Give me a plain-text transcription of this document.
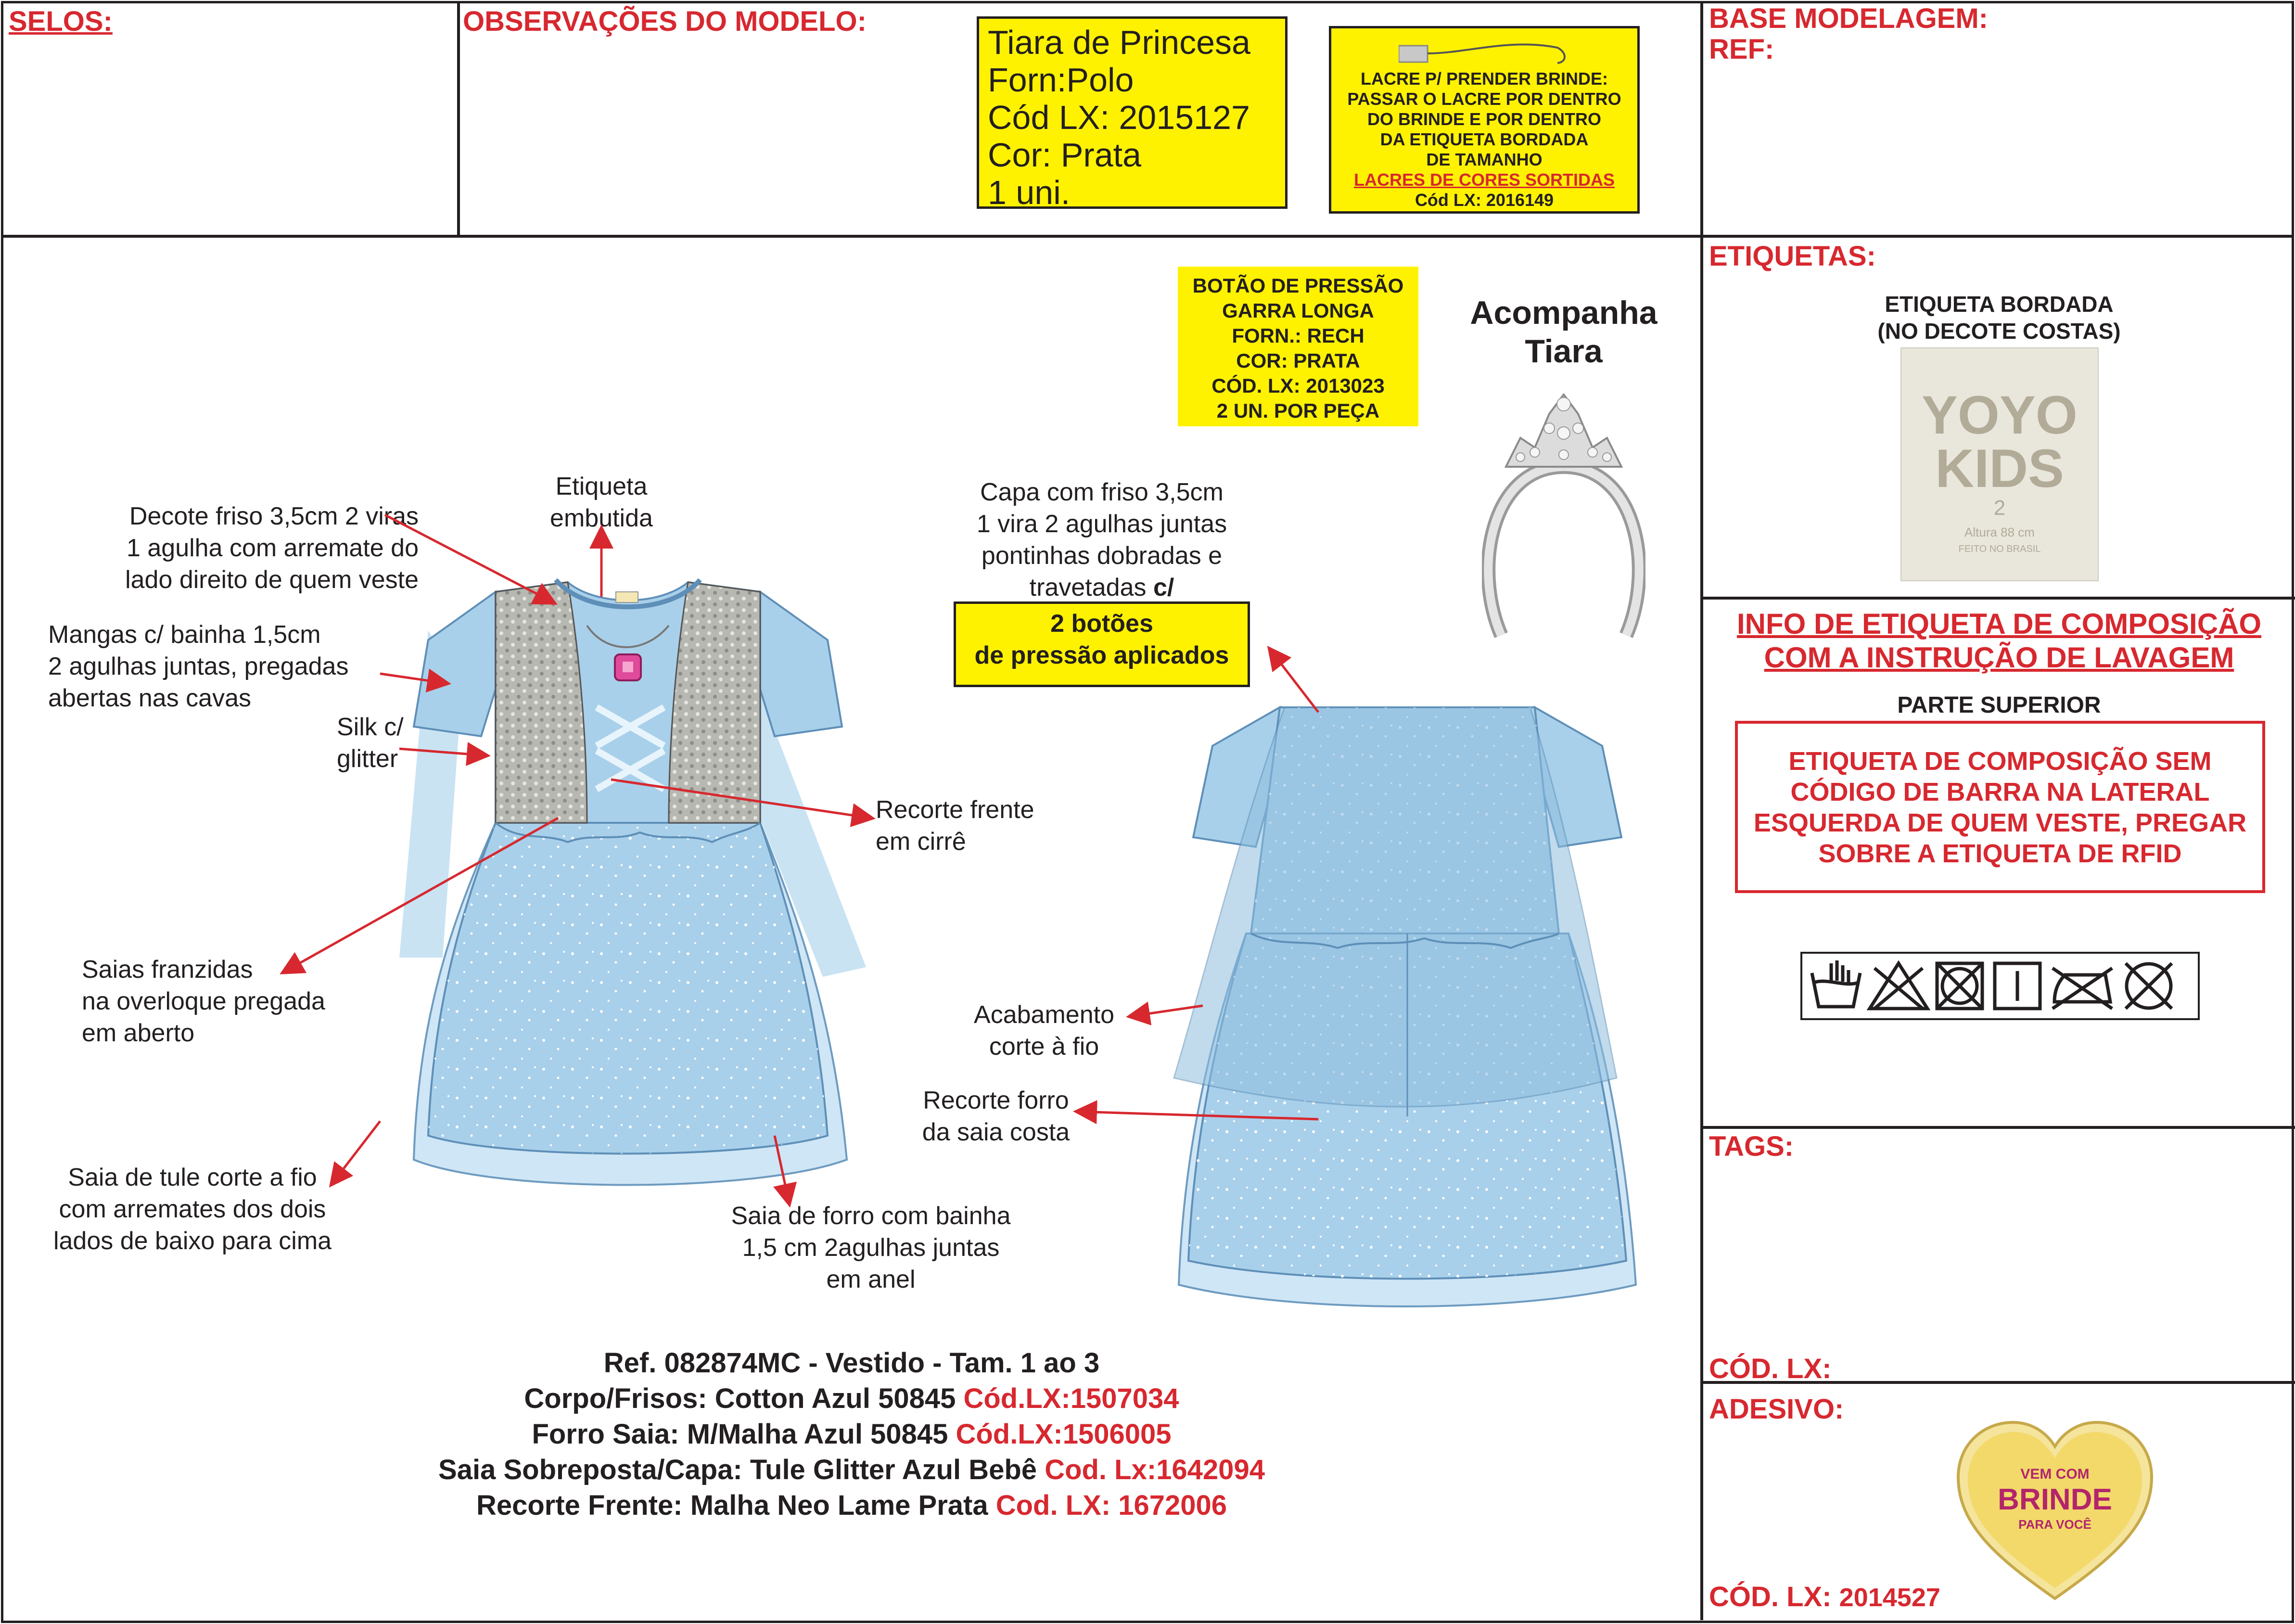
SELOS:	OBSERVAÇÕES DO MODELO:	BASE MODELAGEM:
REF:
Tiara de Princesa
Forn:Polo
Cód LX: 2015127
Cor: Prata
1 uni.
LACRE P/ PRENDER BRINDE:
PASSAR O LACRE POR DENTRO
DO BRINDE E POR DENTRO
DA ETIQUETA BORDADA
DE TAMANHO
LACRES DE CORES SORTIDAS
Cód LX: 2016149
BOTÃO DE PRESSÃO
GARRA LONGA
FORN.: RECH
COR: PRATA
CÓD. LX: 2013023
2 UN. POR PEÇA
Acompanha
Tiara
Capa com friso 3,5cm
1 vira 2 agulhas juntas
pontinhas dobradas e
travetadas c/
2 botões
de pressão aplicados
Decote friso 3,5cm 2 viras
1 agulha com arremate do
lado direito de quem veste
Etiqueta
embutida
Mangas c/ bainha 1,5cm
2 agulhas juntas, pregadas
abertas nas cavas
Silk c/
glitter
Recorte frente
em cirrê
Saias franzidas
na overloque pregada
em aberto
Saia de tule corte a fio
com arremates dos dois
lados de baixo para cima
Saia de forro com bainha
1,5 cm 2agulhas juntas
em anel
Acabamento
corte à fio
Recorte forro
da saia costa
Ref. 082874MC - Vestido - Tam. 1 ao 3
Corpo/Frisos: Cotton Azul 50845 Cód.LX:1507034
Forro Saia: M/Malha Azul 50845 Cód.LX:1506005
Saia Sobreposta/Capa: Tule Glitter Azul Bebê Cod. Lx:1642094
Recorte Frente: Malha Neo Lame Prata Cod. LX: 1672006
ETIQUETAS:
ETIQUETA BORDADA
(NO DECOTE COSTAS)
YOYO
KIDS
2
Altura 88 cm
FEITO NO BRASIL
INFO DE ETIQUETA DE COMPOSIÇÃO
COM A INSTRUÇÃO DE LAVAGEM
PARTE SUPERIOR
ETIQUETA DE COMPOSIÇÃO SEM
CÓDIGO DE BARRA NA LATERAL
ESQUERDA DE QUEM VESTE, PREGAR
SOBRE A ETIQUETA DE RFID
TAGS:
CÓD. LX:
ADESIVO:
CÓD. LX: 2014527
VEM COM
BRINDE
PARA VOCÊ
